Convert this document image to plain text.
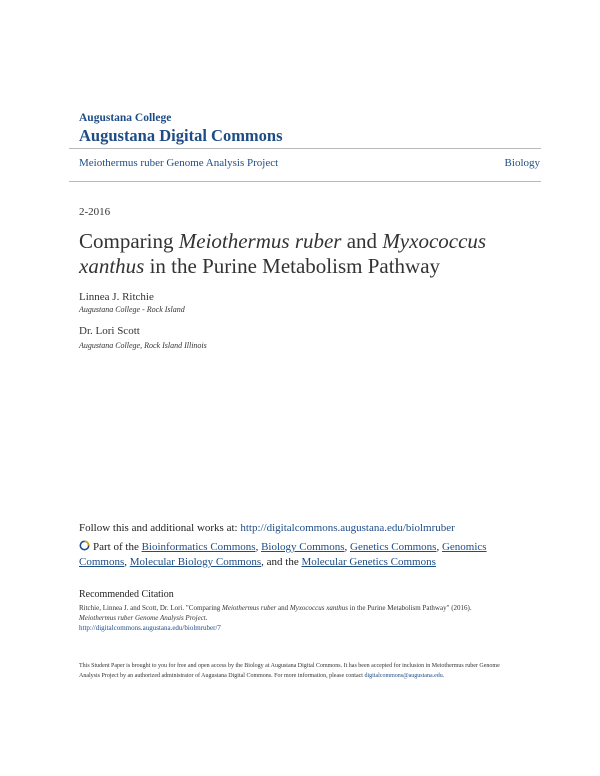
Augustana College
Augustana Digital Commons
Meiothermus ruber Genome Analysis Project	Biology
2-2016
Comparing Meiothermus ruber and Myxococcus xanthus in the Purine Metabolism Pathway
Linnea J. Ritchie
Augustana College - Rock Island
Dr. Lori Scott
Augustana College, Rock Island Illinois
Follow this and additional works at: http://digitalcommons.augustana.edu/biolmruber
Part of the Bioinformatics Commons, Biology Commons, Genetics Commons, Genomics Commons, Molecular Biology Commons, and the Molecular Genetics Commons
Recommended Citation
Ritchie, Linnea J. and Scott, Dr. Lori. "Comparing Meiothermus ruber and Myxococcus xanthus in the Purine Metabolism Pathway" (2016).
Meiothermus ruber Genome Analysis Project.
http://digitalcommons.augustana.edu/biolmruber/7
This Student Paper is brought to you for free and open access by the Biology at Augustana Digital Commons. It has been accepted for inclusion in Meiothermus ruber Genome Analysis Project by an authorized administrator of Augustana Digital Commons. For more information, please contact digitalcommons@augustana.edu.
